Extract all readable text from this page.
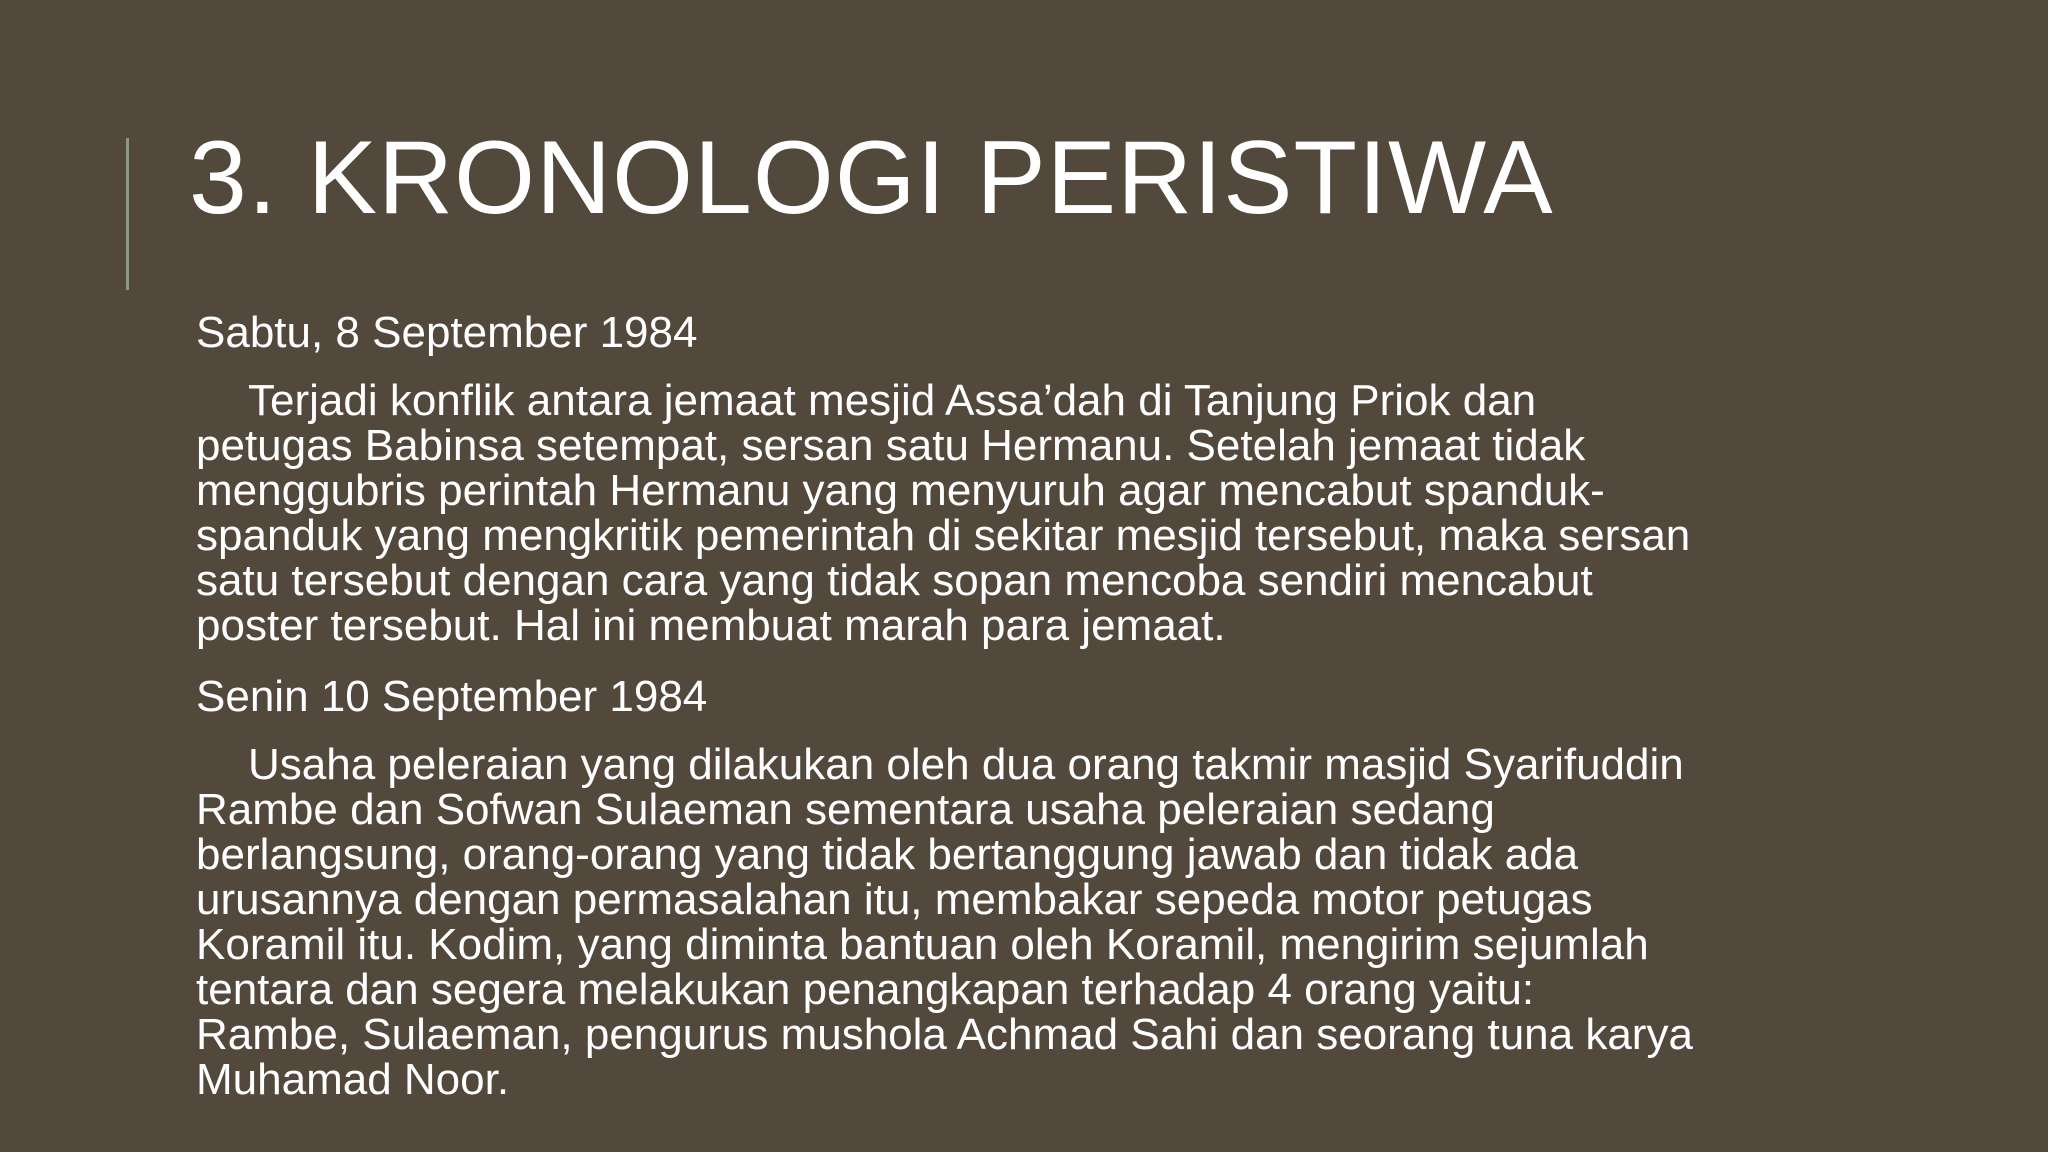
3. KRONOLOGI PERISTIWA

Sabtu, 8 September 1984

Terjadi konflik antara jemaat mesjid Assa’dah di Tanjung Priok dan
petugas Babinsa setempat, sersan satu Hermanu. Setelah jemaat tidak
menggubris perintah Hermanu yang menyuruh agar mencabut spanduk-
spanduk yang mengkritik pemerintah di sekitar mesjid tersebut, maka sersan
satu tersebut dengan cara yang tidak sopan mencoba sendiri mencabut
poster tersebut. Hal ini membuat marah para jemaat.

Senin 10 September 1984

Usaha peleraian yang dilakukan oleh dua orang takmir masjid Syarifuddin
Rambe dan Sofwan Sulaeman sementara usaha peleraian sedang
berlangsung, orang-orang yang tidak bertanggung jawab dan tidak ada
urusannya dengan permasalahan itu, membakar sepeda motor petugas
Koramil itu. Kodim, yang diminta bantuan oleh Koramil, mengirim sejumlah
tentara dan segera melakukan penangkapan terhadap 4 orang yaitu:
Rambe, Sulaeman, pengurus mushola Achmad Sahi dan seorang tuna karya
Muhamad Noor.
